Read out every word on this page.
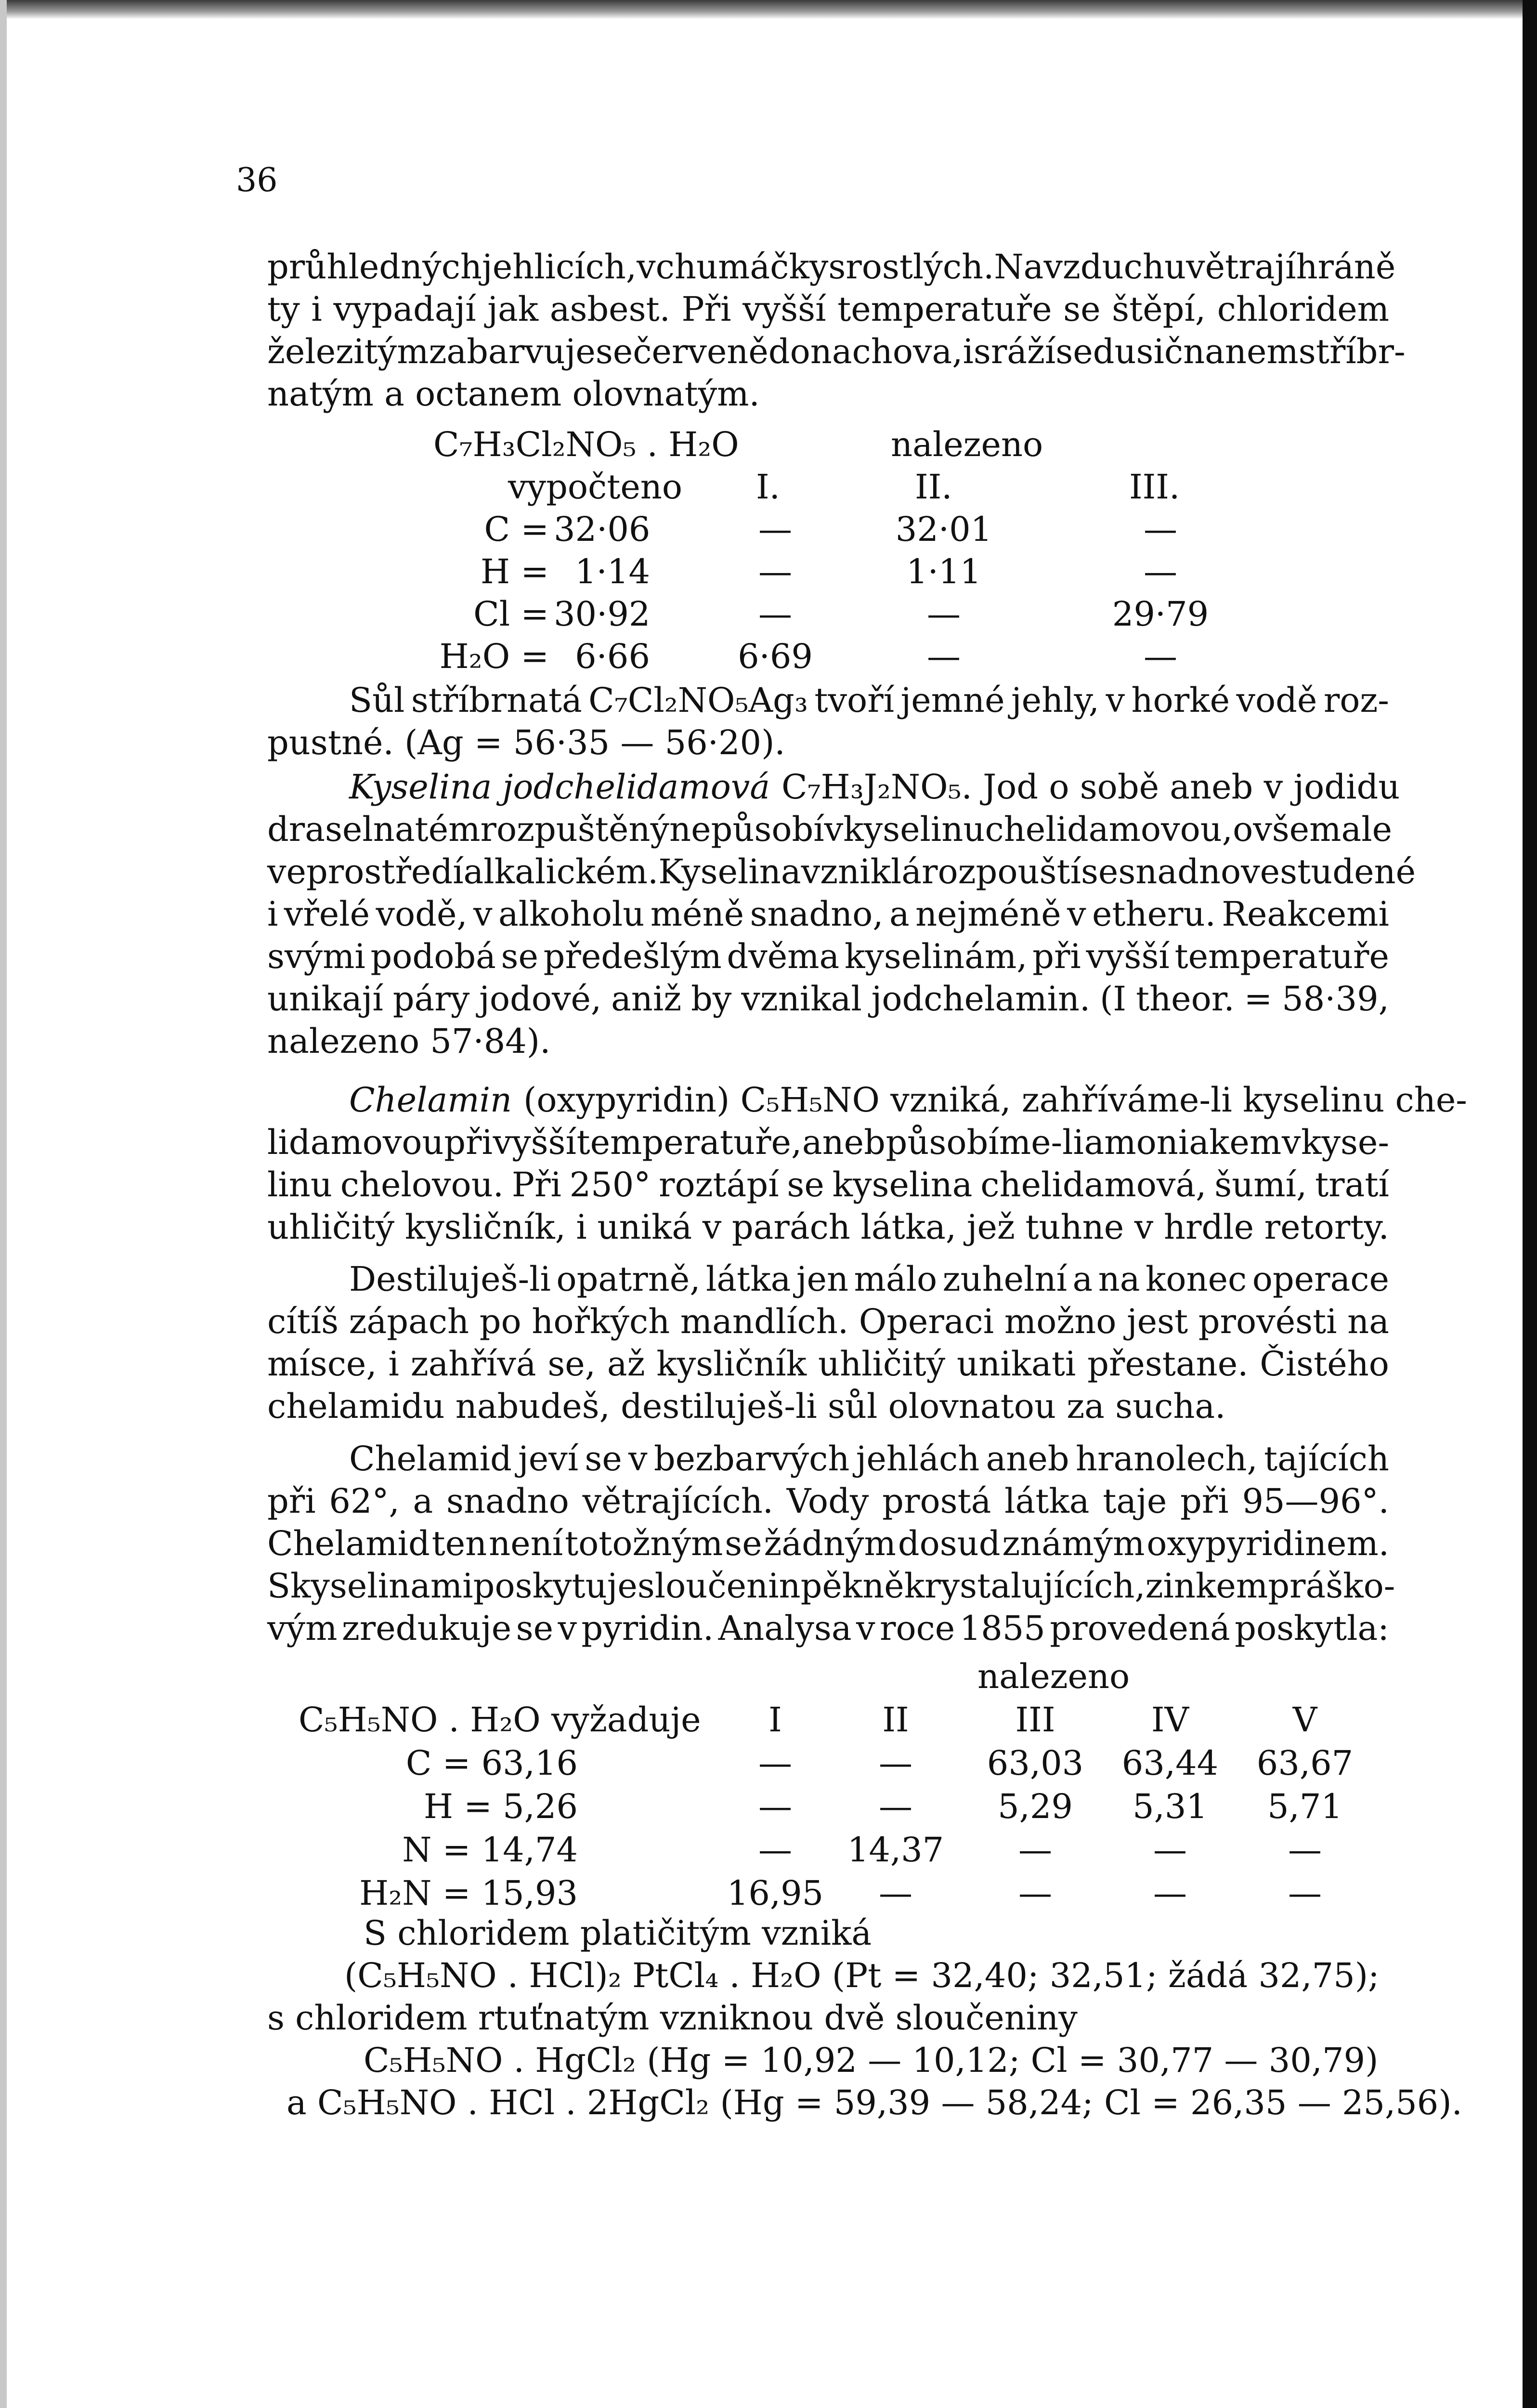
36
průhledných jehlicích, v chumáčky srostlých. Na vzduchu větrají hráně
ty i vypadají jak asbest. Při vyšší temperatuře se štěpí, chloridem
železitým zabarvuje se červeně do nachova, i sráží se dusičnanem stříbr-
natým a octanem olovnatým.
C₇H₃Cl₂NO₅ . H₂O	nalezeno
vypočteno I.	II.	III.
C = 32·06	—	32·01	—
H = 1·14	—	1·11	—
Cl = 30·92	—	—	29·79
H₂O = 6·66	6·69	—	—
Sůl stříbrnatá C₇Cl₂NO₅Ag₃ tvoří jemné jehly, v horké vodě roz-
pustné. (Ag = 56·35 — 56·20).
Kyselina jodchelidamová C₇H₃J₂NO₅. Jod o sobě aneb v jodidu
draselnatém rozpuštěný nepůsobí v kyselinu chelidamovou, ovšem ale
ve prostředí alkalickém. Kyselina vzniklá rozpouští se snadno ve studené
i vřelé vodě, v alkoholu méně snadno, a nejméně v etheru. Reakcemi
svými podobá se předešlým dvěma kyselinám, při vyšší temperatuře
unikají páry jodové, aniž by vznikal jodchelamin. (I theor. = 58·39,
nalezeno 57·84).
Chelamin (oxypyridin) C₅H₅NO vzniká, zahříváme-li kyselinu che-
lidamovou při vyšší temperatuře, aneb působíme-li amoniakem v kyse-
linu chelovou. Při 250° roztápí se kyselina chelidamová, šumí, tratí
uhličitý kysličník, i uniká v parách látka, jež tuhne v hrdle retorty.
Destiluješ-li opatrně, látka jen málo zuhelní a na konec operace
cítíš zápach po hořkých mandlích. Operaci možno jest provésti na
mísce, i zahřívá se, až kysličník uhličitý unikati přestane. Čistého
chelamidu nabudeš, destiluješ-li sůl olovnatou za sucha.
Chelamid jeví se v bezbarvých jehlách aneb hranolech, tajících
při 62°, a snadno větrajících. Vody prostá látka taje při 95—96°.
Chelamid ten není totožným se žádným dosud známým oxypyridinem.
S kyselinami poskytuje sloučenin pěkně krystalujících, zinkem práško-
vým zredukuje se v pyridin. Analysa v roce 1855 provedená poskytla:
nalezeno
C₅H₅NO . H₂O vyžaduje	I	II	III	IV	V
C = 63,16	—	—	63,03	63,44	63,67
H = 5,26	—	—	5,29	5,31	5,71
N = 14,74	—	14,37	—	—	—
H₂N = 15,93	16,95	—	—	—	—
S chloridem platičitým vzniká
(C₅H₅NO . HCl)₂ PtCl₄ . H₂O (Pt = 32,40; 32,51; žádá 32,75);
s chloridem rtuťnatým vzniknou dvě sloučeniny
C₅H₅NO . HgCl₂ (Hg = 10,92 — 10,12; Cl = 30,77 — 30,79)
a C₅H₅NO . HCl . 2HgCl₂ (Hg = 59,39 — 58,24; Cl = 26,35 — 25,56).
